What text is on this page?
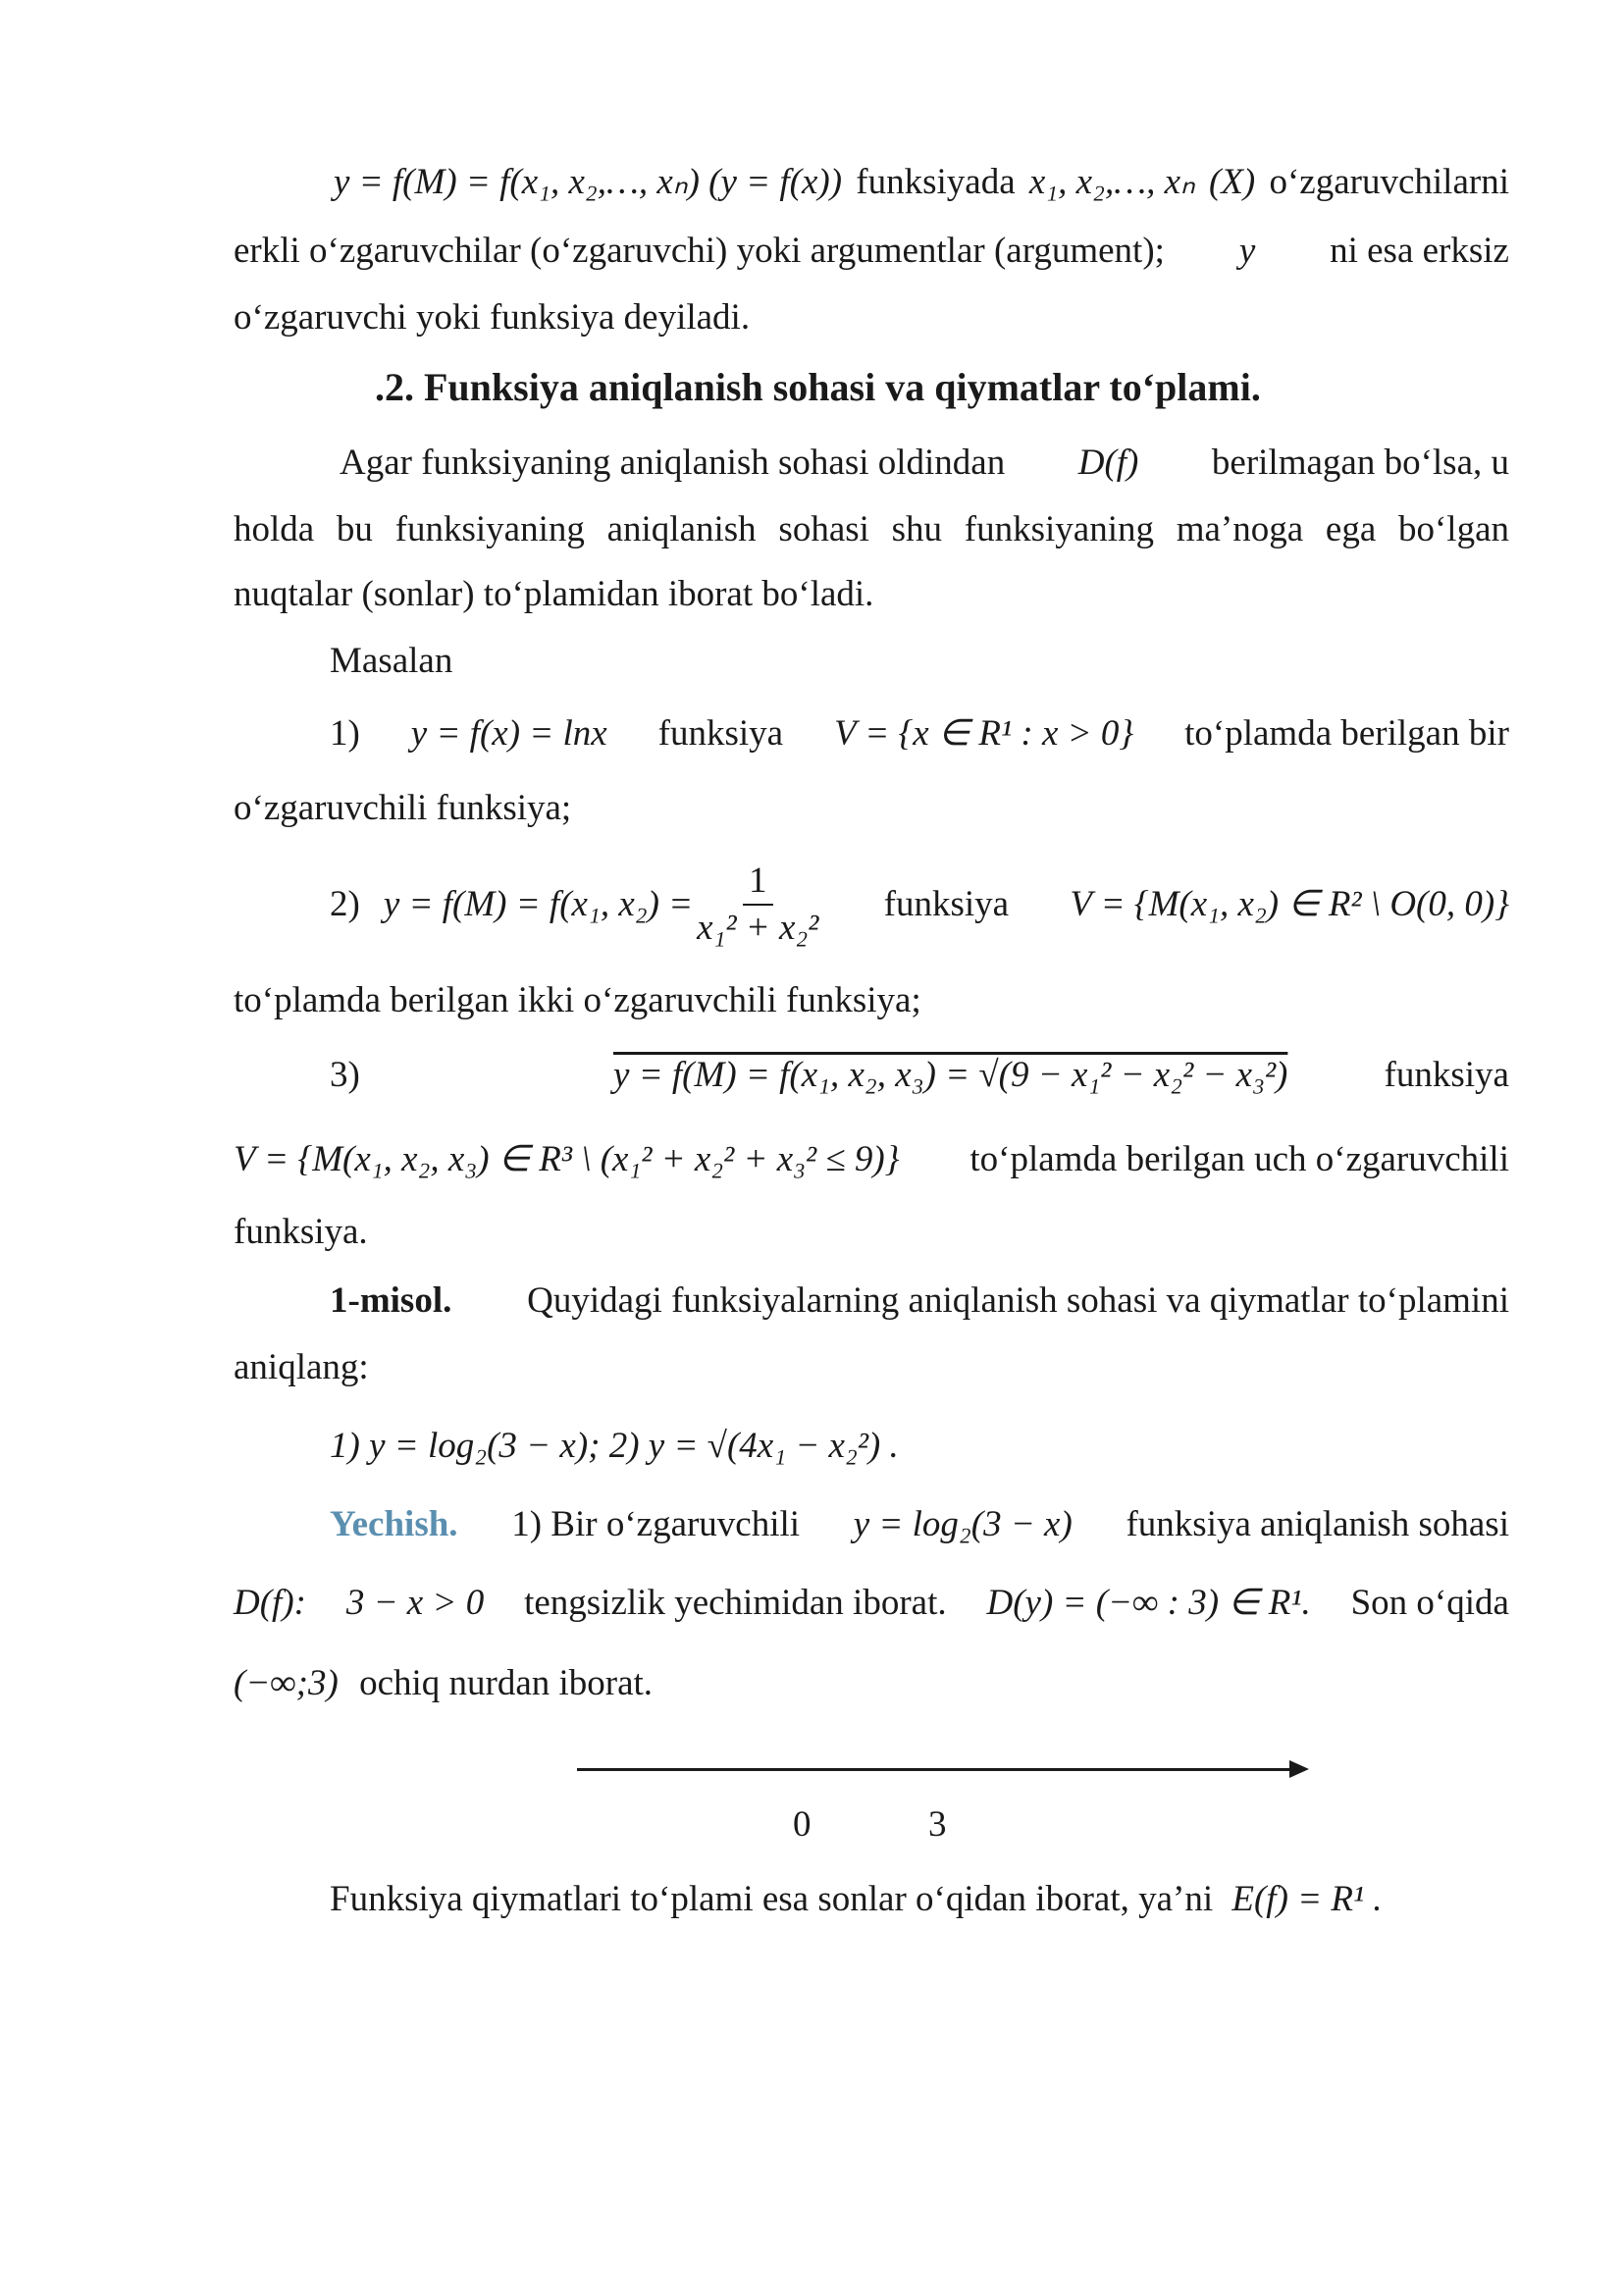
y = f(M) = f(x₁, x₂,…, xₙ) (y = f(x)) funksiyada x₁, x₂,…, xₙ (X) o‘zgaruvchilarni
erkli o‘zgaruvchilar (o‘zgaruvchi) yoki argumentlar (argument); y ni esa erksiz
o‘zgaruvchi yoki funksiya deyiladi.
.2. Funksiya aniqlanish sohasi va qiymatlar to‘plami.
Agar funksiyaning aniqlanish sohasi oldindan D(f) berilmagan bo‘lsa, u
holda bu funksiyaning aniqlanish sohasi shu funksiyaning ma’noga ega bo‘lgan
nuqtalar (sonlar) to‘plamidan iborat bo‘ladi.
Masalan
1) y = f(x) = lnx funksiya V = {x ∈ R¹ : x > 0} to‘plamda berilgan bir
o‘zgaruvchili funksiya;
2) y = f(M) = f(x₁, $x_2) = \frac{1}{\text{x₁² + x₂²}}$ funksiya V = {M(x₁, x₂) ∈ R² \ O(0, 0)}
to‘plamda berilgan ikki o‘zgaruvchili funksiya;
3)	y = f(M) = f(x₁, x₂, x₃) = √(9 − x₁² − x₂² − x₃²)	funksiya
V = {M(x₁, x₂, x₃) ∈ R³ \ (x₁² + x₂² + x₃² ≤ 9)} to‘plamda berilgan uch o‘zgaruvchili
funksiya.
1-misol. Quyidagi funksiyalarning aniqlanish sohasi va qiymatlar to‘plamini
aniqlang:
1) y = log₂(3 − x); 2) y = √(4x₁ − x₂²) .
Yechish. 1) Bir o‘zgaruvchili y = log₂(3 − x) funksiya aniqlanish sohasi
D(f): 3 − x > 0 tengsizlik yechimidan iborat. D(y) = (−∞ : 3) ∈ R¹. Son o‘qida
(−∞;3) ochiq nurdan iborat.
0	3
Funksiya qiymatlari to‘plami esa sonlar o‘qidan iborat, ya’ni E(f) = R¹ .
